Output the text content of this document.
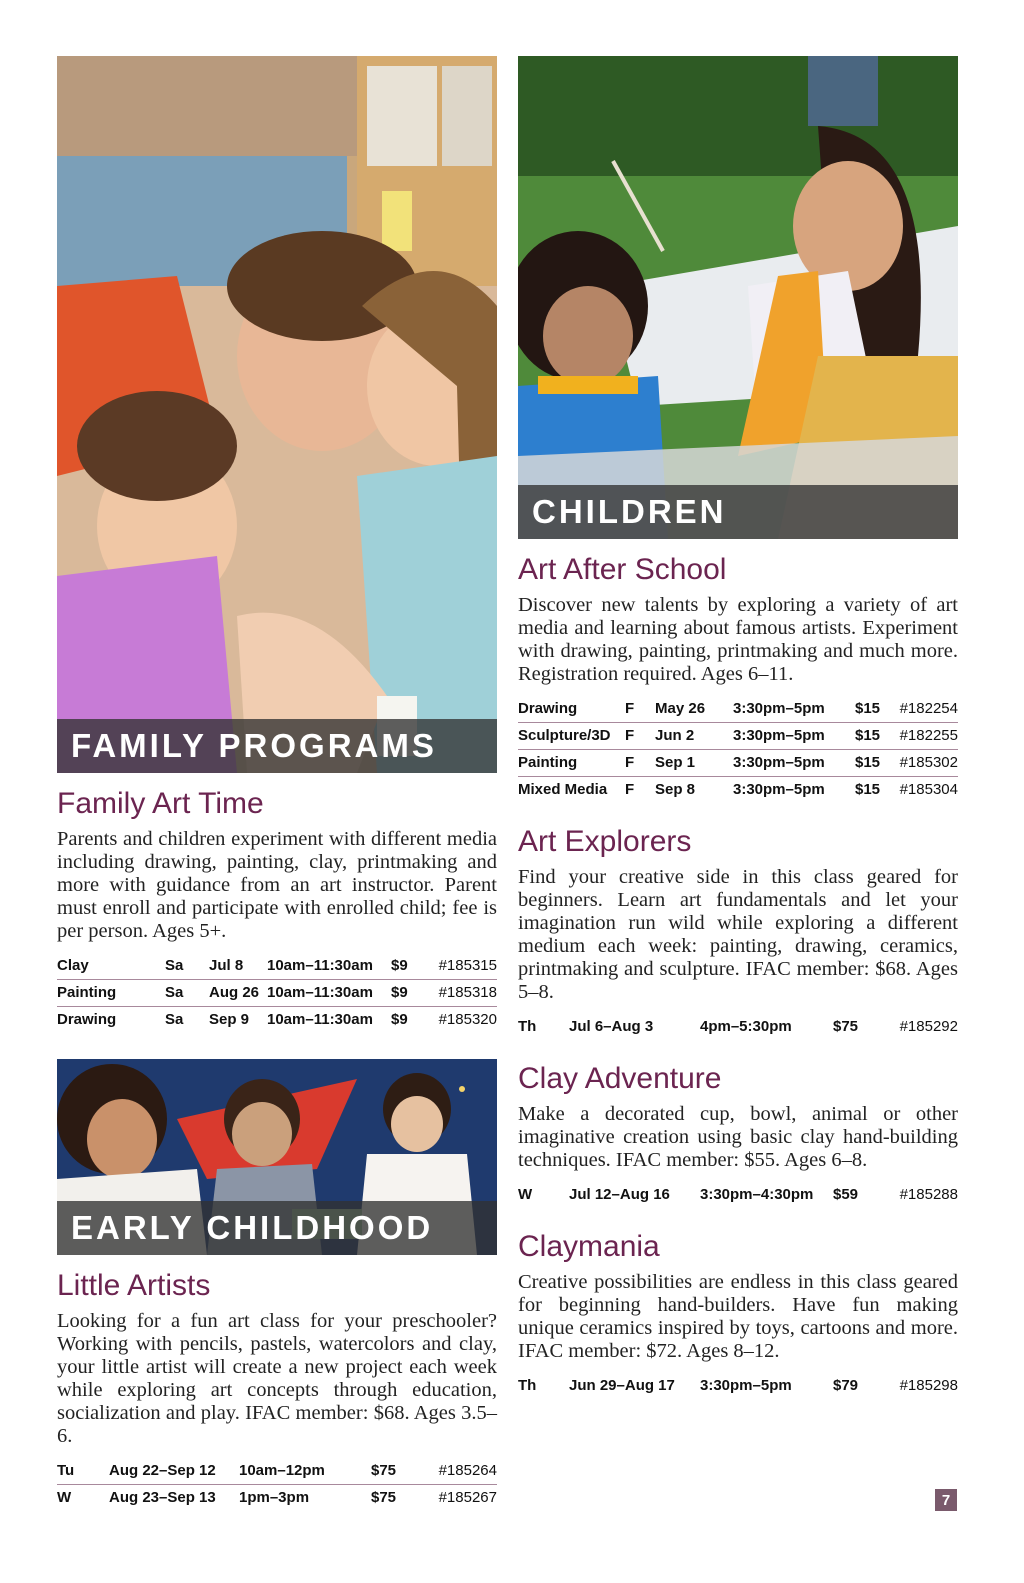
FAMILY PROGRAMS
Family Art Time

Parents and children experiment with different media including drawing, painting, clay, printmaking and more with guidance from an art instructor. Parent must enroll and participate with enrolled child; fee is per person. Ages 5+.

Clay	Sa	Jul 8	10am–11:30am	$9	#185315
Painting	Sa	Aug 26	10am–11:30am	$9	#185318
Drawing	Sa	Sep 9	10am–11:30am	$9	#185320
EARLY CHILDHOOD
Little Artists

Looking for a fun art class for your preschooler? Working with pencils, pastels, watercolors and clay, your little artist will create a new project each week while exploring art concepts through education, socialization and play. IFAC member: $68. Ages 3.5–6.

Tu	Aug 22–Sep 12	10am–12pm	$75	#185264
W	Aug 23–Sep 13	1pm–3pm	$75	#185267
CHILDREN
Art After School

Discover new talents by exploring a variety of art media and learning about famous artists. Experiment with drawing, painting, printmaking and much more. Registration required. Ages 6–11.

Drawing	F	May 26	3:30pm–5pm	$15	#182254
Sculpture/3D	F	Jun 2	3:30pm–5pm	$15	#182255
Painting	F	Sep 1	3:30pm–5pm	$15	#185302
Mixed Media	F	Sep 8	3:30pm–5pm	$15	#185304
Art Explorers

Find your creative side in this class geared for beginners. Learn art fundamentals and let your imagination run wild while exploring a different medium each week: painting, drawing, ceramics, printmaking and sculpture. IFAC member: $68. Ages 5–8.

Th	Jul 6–Aug 3	4pm–5:30pm	$75	#185292
Clay Adventure

Make a decorated cup, bowl, animal or other imaginative creation using basic clay hand-building techniques. IFAC member: $55. Ages 6–8.

W	Jul 12–Aug 16	3:30pm–4:30pm	$59	#185288
Claymania

Creative possibilities are endless in this class geared for beginning hand-builders. Have fun making unique ceramics inspired by toys, cartoons and more. IFAC member: $72. Ages 8–12.

Th	Jun 29–Aug 17	3:30pm–5pm	$79	#185298
7
